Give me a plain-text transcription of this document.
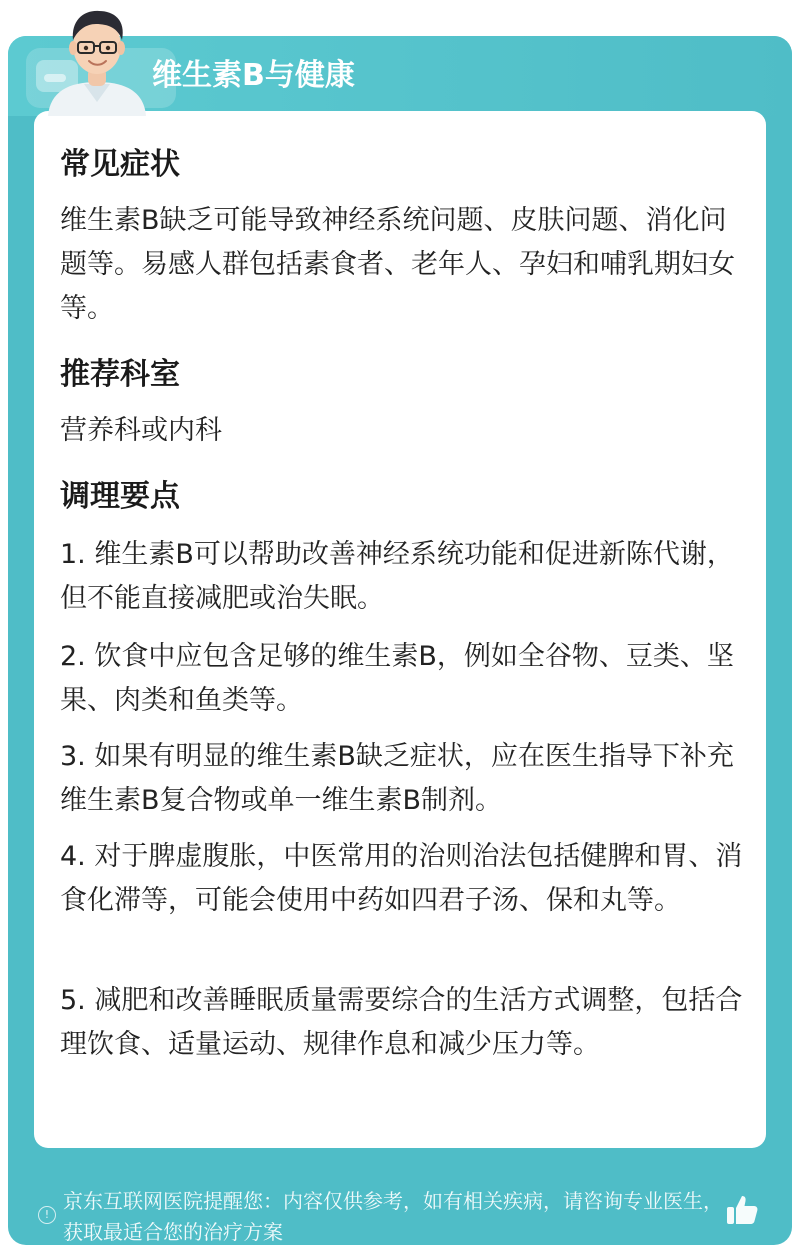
维生素B与健康
!
京东互联网医院提醒您：内容仅供参考，如有相关疾病，请咨询专业医生，获取最适合您的治疗方案
常见症状
维生素B缺乏可能导致神经系统问题、皮肤问题、消化问题等。易感人群包括素食者、老年人、孕妇和哺乳期妇女等。
推荐科室
营养科或内科
调理要点
1. 维生素B可以帮助改善神经系统功能和促进新陈代谢，但不能直接减肥或治失眠。
2. 饮食中应包含足够的维生素B，例如全谷物、豆类、坚果、肉类和鱼类等。
3. 如果有明显的维生素B缺乏症状，应在医生指导下补充维生素B复合物或单一维生素B制剂。
4. 对于脾虚腹胀，中医常用的治则治法包括健脾和胃、消食化滞等，可能会使用中药如四君子汤、保和丸等。
5. 减肥和改善睡眠质量需要综合的生活方式调整，包括合理饮食、适量运动、规律作息和减少压力等。
